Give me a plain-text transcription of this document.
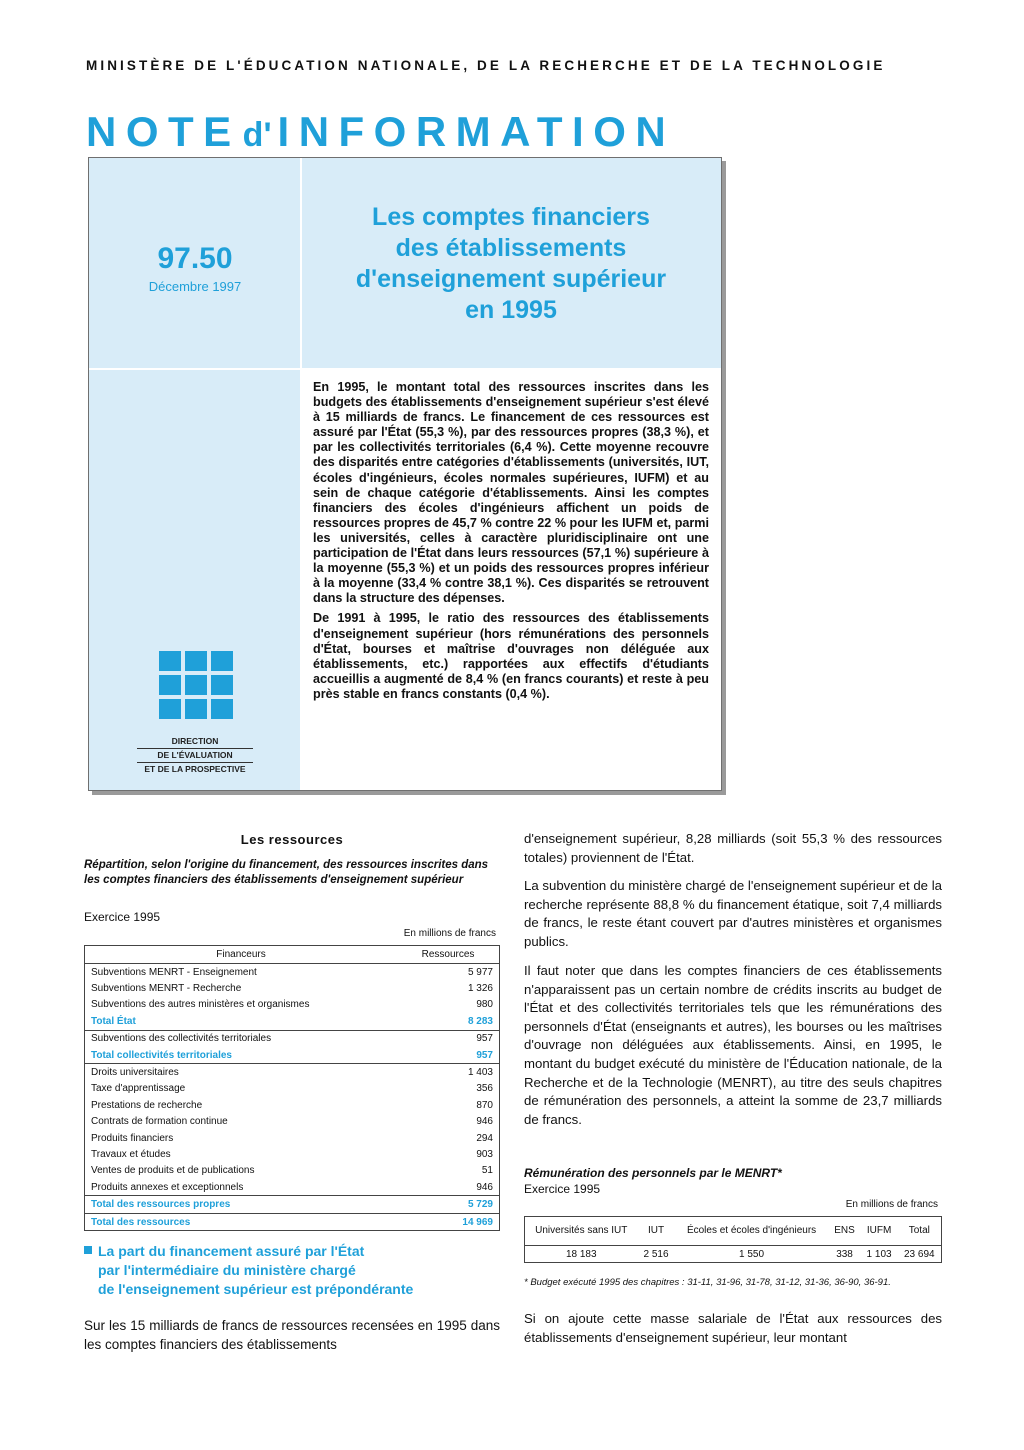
MINISTÈRE DE L'ÉDUCATION NATIONALE, DE LA RECHERCHE ET DE LA TECHNOLOGIE
NOTEd' INFORMATION
97.50
Décembre 1997
DIRECTION
DE L'ÉVALUATION
ET DE LA PROSPECTIVE
Les comptes financiers
des établissements
d'enseignement supérieur
en 1995

En 1995, le montant total des ressources inscrites dans les budgets des établissements d'enseignement supérieur s'est élevé à 15 milliards de francs. Le financement de ces ressources est assuré par l'État (55,3 %), par des ressources propres (38,3 %), et par les collectivités territoriales (6,4 %). Cette moyenne recouvre des disparités entre catégories d'établissements (universités, IUT, écoles d'ingénieurs, écoles normales supérieures, IUFM) et au sein de chaque catégorie d'établissements. Ainsi les comptes financiers des écoles d'ingénieurs affichent un poids de ressources propres de 45,7 % contre 22 % pour les IUFM et, parmi les universités, celles à caractère pluridisciplinaire ont une participation de l'État dans leurs ressources (57,1 %) supérieure à la moyenne (55,3 %) et un poids des ressources propres inférieur à la moyenne (33,4 % contre 38,1 %). Ces disparités se retrouvent dans la structure des dépenses.

De 1991 à 1995, le ratio des ressources des établissements d'enseignement supérieur (hors rémunérations des personnels d'État, bourses et maîtrise d'ouvrages non déléguée aux établissements, etc.) rapportées aux effectifs d'étudiants accueillis a augmenté de 8,4 % (en francs courants) et reste à peu près stable en francs constants (0,4 %).

Les ressources
Répartition, selon l'origine du financement, des ressources inscrites dans les comptes financiers des établissements d'enseignement supérieur
Exercice 1995
En millions de francs
Financeurs	Ressources
Subventions MENRT - Enseignement	5 977
Subventions MENRT - Recherche	1 326
Subventions des autres ministères et organismes	980
Total État	8 283
Subventions des collectivités territoriales	957
Total collectivités territoriales	957
Droits universitaires	1 403
Taxe d'apprentissage	356
Prestations de recherche	870
Contrats de formation continue	946
Produits financiers	294
Travaux et études	903
Ventes de produits et de publications	51
Produits annexes et exceptionnels	946
Total des ressources propres	5 729
Total des ressources	14 969
La part du financement assuré par l'État
par l'intermédiaire du ministère chargé
de l'enseignement supérieur est prépondérante
Sur les 15 milliards de francs de ressources recensées en 1995 dans les comptes financiers des établissements

d'enseignement supérieur, 8,28 milliards (soit 55,3 % des ressources totales) proviennent de l'État.

La subvention du ministère chargé de l'enseignement supérieur et de la recherche représente 88,8 % du financement étatique, soit 7,4 milliards de francs, le reste étant couvert par d'autres ministères et organismes publics.

Il faut noter que dans les comptes financiers de ces établissements n'apparaissent pas un certain nombre de crédits inscrits au budget de l'État et des collectivités territoriales tels que les rémunérations des personnels d'État (enseignants et autres), les bourses ou les maîtrises d'ouvrage non déléguées aux établissements. Ainsi, en 1995, le montant du budget exécuté du ministère de l'Éducation nationale, de la Recherche et de la Technologie (MENRT), au titre des seuls chapitres de rémunération des personnels, a atteint la somme de 23,7 milliards de francs.

Rémunération des personnels par le MENRT*
Exercice 1995
En millions de francs
Universités sans IUT	IUT	Écoles et écoles d'ingénieurs	ENS	IUFM	Total
18 183	2 516	1 550	338	1 103	23 694
* Budget exécuté 1995 des chapitres : 31-11, 31-96, 31-78, 31-12, 31-36, 36-90, 36-91.

Si on ajoute cette masse salariale de l'État aux ressources des établissements d'enseignement supérieur, leur montant
